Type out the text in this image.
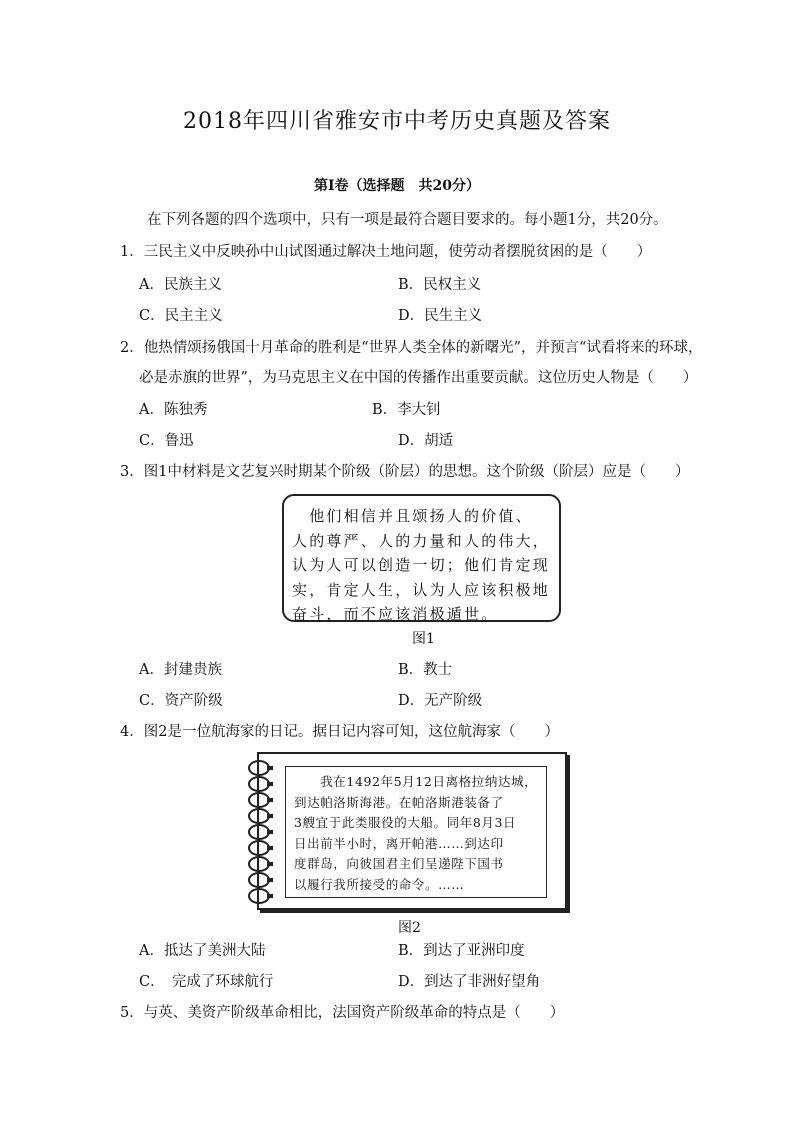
2018年四川省雅安市中考历史真题及答案
第Ⅰ卷（选择题　共20分）
在下列各题的四个选项中，只有一项是最符合题目要求的。每小题1分，共20分。
1．三民主义中反映孙中山试图通过解决土地问题，使劳动者摆脱贫困的是（　　）
A．民族主义	B．民权主义
C．民主主义	D．民生主义
2．他热情颂扬俄国十月革命的胜利是“世界人类全体的新曙光”，并预言“试看将来的环球，
必是赤旗的世界”，为马克思主义在中国的传播作出重要贡献。这位历史人物是（　　）
A．陈独秀	B．李大钊
C．鲁迅	D．胡适
3．图1中材料是文艺复兴时期某个阶级（阶层）的思想。这个阶级（阶层）应是（　　）
　他们相信并且颂扬人的价值、
人的尊严、人的力量和人的伟大，
认为人可以创造一切；他们肯定现
实，肯定人生，认为人应该积极地
奋斗，而不应该消极遁世。
图1
A．封建贵族	B．教士
C．资产阶级	D．无产阶级
4．图2是一位航海家的日记。据日记内容可知，这位航海家（　　）
　　我在1492年5月12日离格拉纳达城，
到达帕洛斯海港。在帕洛斯港装备了
3艘宜于此类服役的大船。同年8月3日
日出前半小时，离开帕港……到达印
度群岛，向彼国君主们呈递陛下国书
以履行我所接受的命令。……
图2
A．抵达了美洲大陆	B．到达了亚洲印度
C．　完成了环球航行	D．到达了非洲好望角
5．与英、美资产阶级革命相比，法国资产阶级革命的特点是（　　）
